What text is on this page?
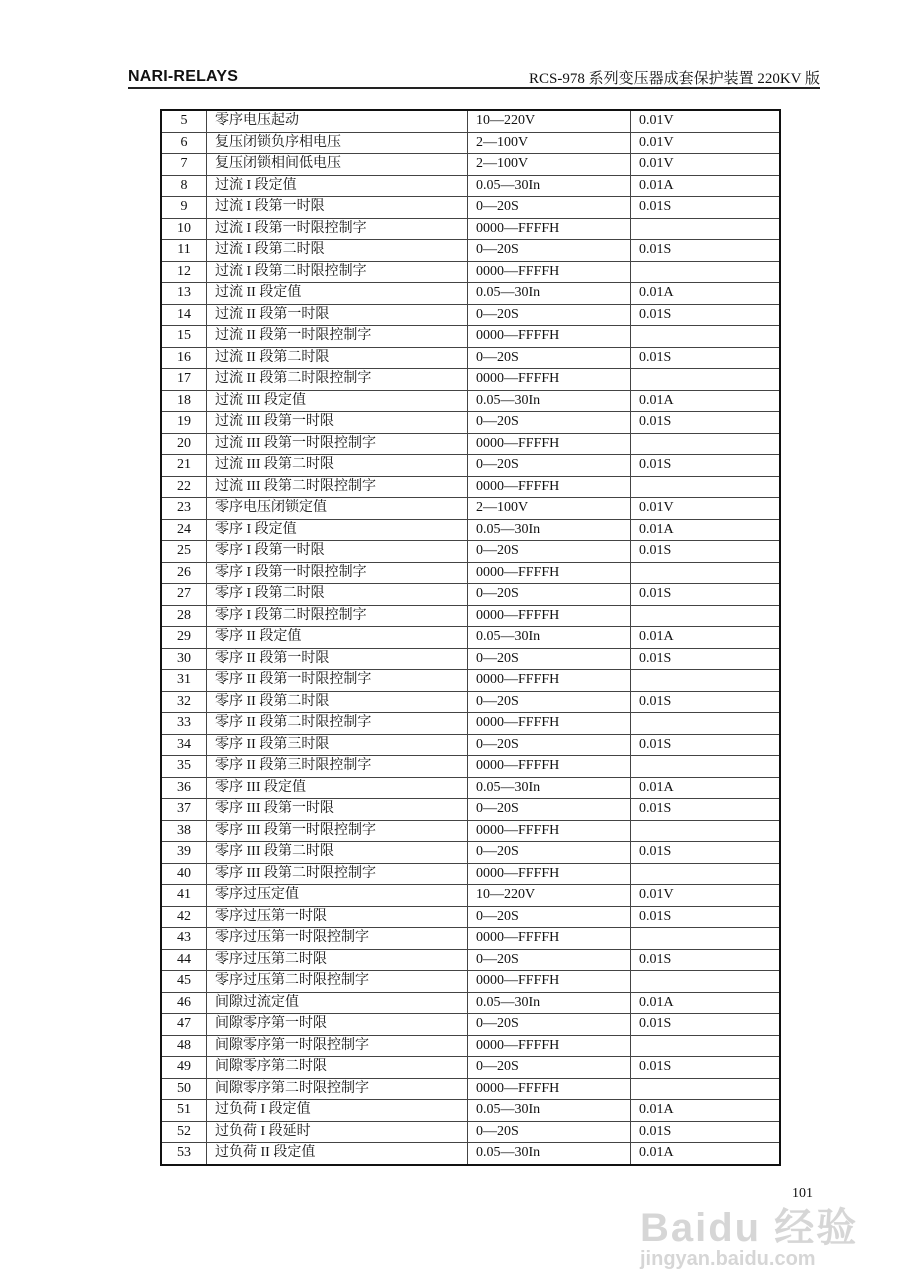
NARI-RELAYS	RCS-978 系列变压器成套保护装置 220KV 版
5	零序电压起动	10—220V	0.01V
6	复压闭锁负序相电压	2—100V	0.01V
7	复压闭锁相间低电压	2—100V	0.01V
8	过流 I 段定值	0.05—30In	0.01A
9	过流 I 段第一时限	0—20S	0.01S
10	过流 I 段第一时限控制字	0000—FFFFH	
11	过流 I 段第二时限	0—20S	0.01S
12	过流 I 段第二时限控制字	0000—FFFFH	
13	过流 II 段定值	0.05—30In	0.01A
14	过流 II 段第一时限	0—20S	0.01S
15	过流 II 段第一时限控制字	0000—FFFFH	
16	过流 II 段第二时限	0—20S	0.01S
17	过流 II 段第二时限控制字	0000—FFFFH	
18	过流 III 段定值	0.05—30In	0.01A
19	过流 III 段第一时限	0—20S	0.01S
20	过流 III 段第一时限控制字	0000—FFFFH	
21	过流 III 段第二时限	0—20S	0.01S
22	过流 III 段第二时限控制字	0000—FFFFH	
23	零序电压闭锁定值	2—100V	0.01V
24	零序 I 段定值	0.05—30In	0.01A
25	零序 I 段第一时限	0—20S	0.01S
26	零序 I 段第一时限控制字	0000—FFFFH	
27	零序 I 段第二时限	0—20S	0.01S
28	零序 I 段第二时限控制字	0000—FFFFH	
29	零序 II 段定值	0.05—30In	0.01A
30	零序 II 段第一时限	0—20S	0.01S
31	零序 II 段第一时限控制字	0000—FFFFH	
32	零序 II 段第二时限	0—20S	0.01S
33	零序 II 段第二时限控制字	0000—FFFFH	
34	零序 II 段第三时限	0—20S	0.01S
35	零序 II 段第三时限控制字	0000—FFFFH	
36	零序 III 段定值	0.05—30In	0.01A
37	零序 III 段第一时限	0—20S	0.01S
38	零序 III 段第一时限控制字	0000—FFFFH	
39	零序 III 段第二时限	0—20S	0.01S
40	零序 III 段第二时限控制字	0000—FFFFH	
41	零序过压定值	10—220V	0.01V
42	零序过压第一时限	0—20S	0.01S
43	零序过压第一时限控制字	0000—FFFFH	
44	零序过压第二时限	0—20S	0.01S
45	零序过压第二时限控制字	0000—FFFFH	
46	间隙过流定值	0.05—30In	0.01A
47	间隙零序第一时限	0—20S	0.01S
48	间隙零序第一时限控制字	0000—FFFFH	
49	间隙零序第二时限	0—20S	0.01S
50	间隙零序第二时限控制字	0000—FFFFH	
51	过负荷 I 段定值	0.05—30In	0.01A
52	过负荷 I 段延时	0—20S	0.01S
53	过负荷 II 段定值	0.05—30In	0.01A
101
Baidu 经验
jingyan.baidu.com
